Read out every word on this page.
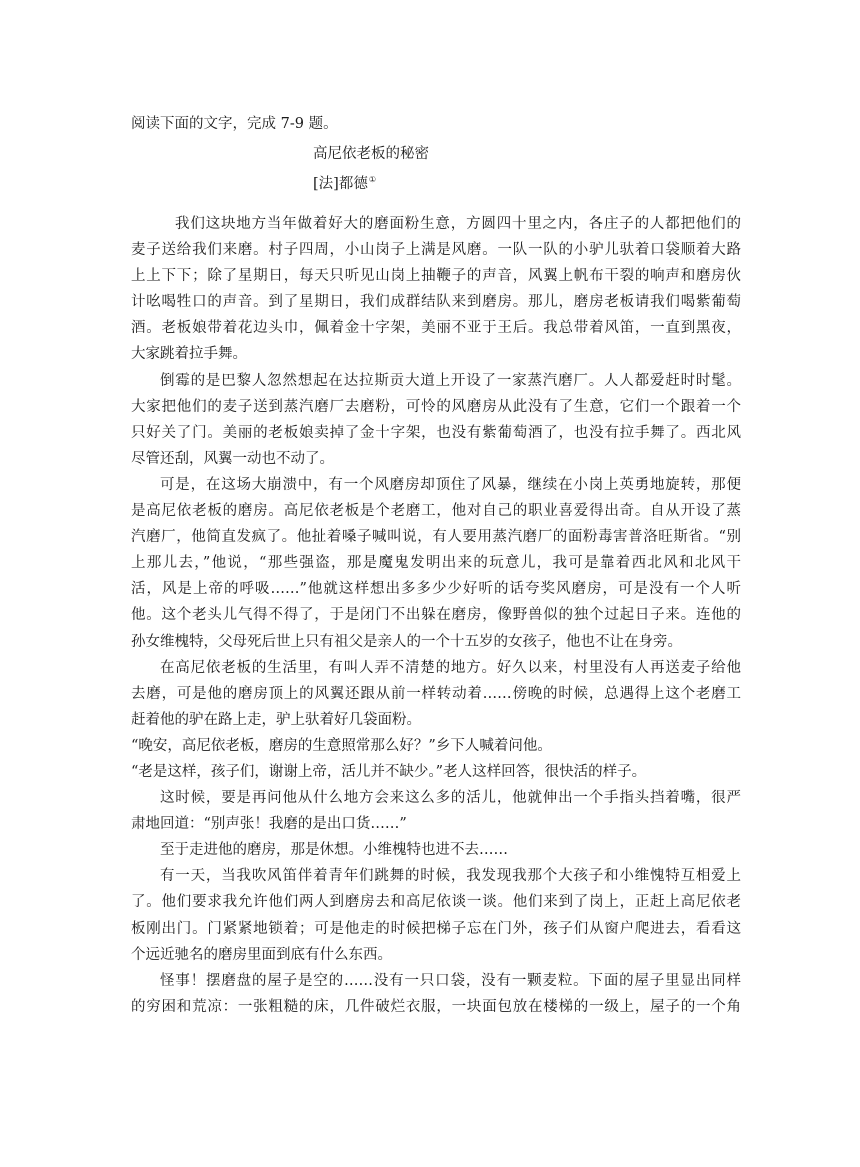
阅读下面的文字，完成 7-9 题。
高尼依老板的秘密
[法]都德①
我们这块地方当年做着好大的磨面粉生意，方圆四十里之内，各庄子的人都把他们的
麦子送给我们来磨。村子四周，小山岗子上满是风磨。一队一队的小驴儿驮着口袋顺着大路
上上下下；除了星期日，每天只听见山岗上抽鞭子的声音，风翼上帆布干裂的响声和磨房伙
计吆喝牲口的声音。到了星期日，我们成群结队来到磨房。那儿，磨房老板请我们喝紫葡萄
酒。老板娘带着花边头巾，佩着金十字架，美丽不亚于王后。我总带着风笛，一直到黑夜，
大家跳着拉手舞。
倒霉的是巴黎人忽然想起在达拉斯贡大道上开设了一家蒸汽磨厂。人人都爱赶时时髦。
大家把他们的麦子送到蒸汽磨厂去磨粉，可怜的风磨房从此没有了生意，它们一个跟着一个
只好关了门。美丽的老板娘卖掉了金十字架，也没有紫葡萄酒了，也没有拉手舞了。西北风
尽管还刮，风翼一动也不动了。
可是，在这场大崩溃中，有一个风磨房却顶住了风暴，继续在小岗上英勇地旋转，那便
是高尼依老板的磨房。高尼依老板是个老磨工，他对自己的职业喜爱得出奇。自从开设了蒸
汽磨厂，他简直发疯了。他扯着嗓子喊叫说，有人要用蒸汽磨厂的面粉毒害普洛旺斯省。“别
上那儿去，”他说，“那些强盗，那是魔鬼发明出来的玩意儿，我可是靠着西北风和北风干
活，风是上帝的呼吸……”他就这样想出多多少少好听的话夸奖风磨房，可是没有一个人听
他。这个老头儿气得不得了，于是闭门不出躲在磨房，像野兽似的独个过起日子来。连他的
孙女维槐特，父母死后世上只有祖父是亲人的一个十五岁的女孩子，他也不让在身旁。
在高尼依老板的生活里，有叫人弄不清楚的地方。好久以来，村里没有人再送麦子给他
去磨，可是他的磨房顶上的风翼还跟从前一样转动着……傍晚的时候，总遇得上这个老磨工
赶着他的驴在路上走，驴上驮着好几袋面粉。
“晚安，高尼依老板，磨房的生意照常那么好？”乡下人喊着问他。
“老是这样，孩子们，谢谢上帝，活儿并不缺少。”老人这样回答，很快活的样子。
这时候，要是再问他从什么地方会来这么多的活儿，他就伸出一个手指头挡着嘴，很严
肃地回道：“别声张！我磨的是出口货……”
至于走进他的磨房，那是休想。小维槐特也进不去……
有一天，当我吹风笛伴着青年们跳舞的时候，我发现我那个大孩子和小维愧特互相爱上
了。他们要求我允许他们两人到磨房去和高尼依谈一谈。他们来到了岗上，正赶上高尼依老
板刚出门。门紧紧地锁着；可是他走的时候把梯子忘在门外，孩子们从窗户爬进去，看看这
个远近驰名的磨房里面到底有什么东西。
怪事！摆磨盘的屋子是空的……没有一只口袋，没有一颗麦粒。下面的屋子里显出同样
的穷困和荒凉：一张粗糙的床，几件破烂衣服，一块面包放在楼梯的一级上，屋子的一个角
